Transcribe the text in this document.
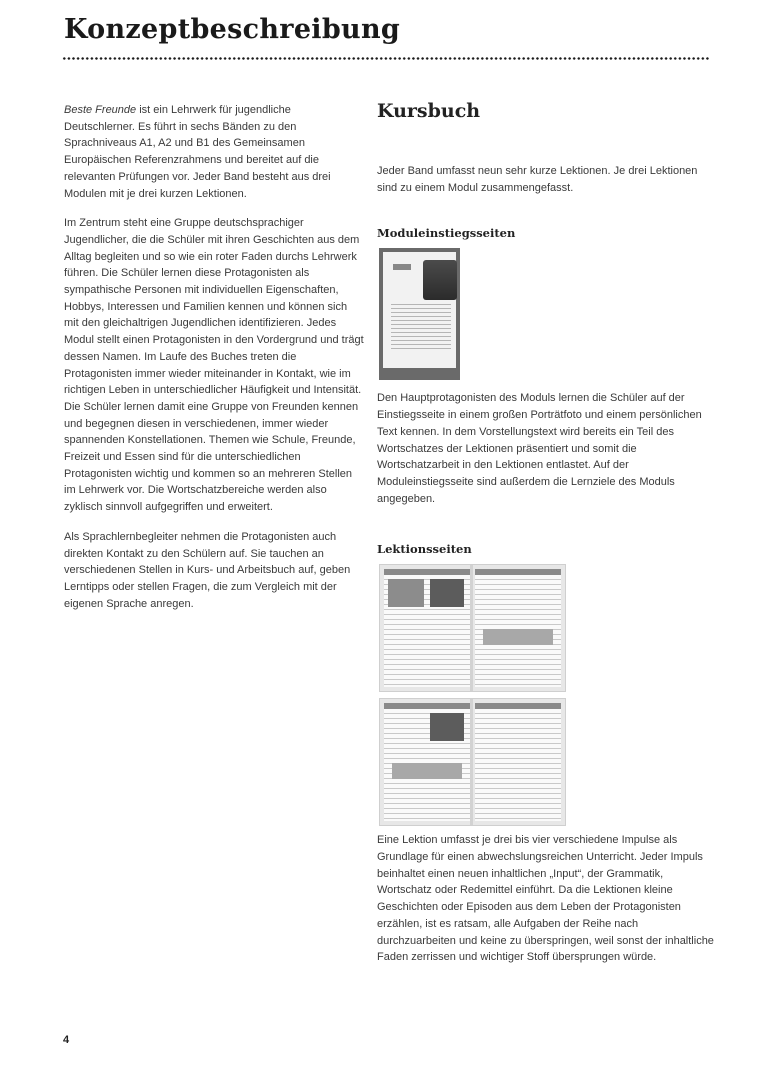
Konzeptbeschreibung

Beste Freunde ist ein Lehrwerk für jugendliche Deutschlerner. Es führt in sechs Bänden zu den Sprachniveaus A1, A2 und B1 des Gemeinsamen Europäischen Referenzrahmens und bereitet auf die relevanten Prüfungen vor. Jeder Band besteht aus drei Modulen mit je drei kurzen Lektionen.

Im Zentrum steht eine Gruppe deutschsprachiger Jugendlicher, die die Schüler mit ihren Geschichten aus dem Alltag begleiten und so wie ein roter Faden durchs Lehrwerk führen. Die Schüler lernen diese Protagonisten als sympathische Personen mit individuellen Eigenschaften, Hobbys, Interessen und Familien kennen und können sich mit den gleichaltrigen Jugendlichen identifizieren. Jedes Modul stellt einen Protagonisten in den Vordergrund und trägt dessen Namen. Im Laufe des Buches treten die Protagonisten immer wieder miteinander in Kontakt, wie im richtigen Leben in unterschiedlicher Häufigkeit und Intensität. Die Schüler lernen damit eine Gruppe von Freunden kennen und begegnen diesen in verschiedenen, immer wieder spannenden Konstellationen. Themen wie Schule, Freunde, Freizeit und Essen sind für die unterschiedlichen Protagonisten wichtig und kommen so an mehreren Stellen im Lehrwerk vor. Die Wortschatzbereiche werden also zyklisch sinnvoll aufgegriffen und erweitert.

Als Sprachlernbegleiter nehmen die Protagonisten auch direkten Kontakt zu den Schülern auf. Sie tauchen an verschiedenen Stellen in Kurs- und Arbeitsbuch auf, geben Lerntipps oder stellen Fragen, die zum Vergleich mit der eigenen Sprache anregen.

Kursbuch

Jeder Band umfasst neun sehr kurze Lektionen. Je drei Lektionen sind zu einem Modul zusammengefasst.

Moduleinstiegsseiten

Den Hauptprotagonisten des Moduls lernen die Schüler auf der Einstiegsseite in einem großen Porträtfoto und einem persönlichen Text kennen. In dem Vorstellungstext wird bereits ein Teil des Wortschatzes der Lektionen präsentiert und somit die Wortschatzarbeit in den Lektionen entlastet. Auf der Moduleinstiegsseite sind außerdem die Lernziele des Moduls angegeben.

Lektionsseiten

Eine Lektion umfasst je drei bis vier verschiedene Impulse als Grundlage für einen abwechslungsreichen Unterricht. Jeder Impuls beinhaltet einen neuen inhaltlichen „Input“, der Grammatik, Wortschatz oder Redemittel einführt. Da die Lektionen kleine Geschichten oder Episoden aus dem Leben der Protagonisten erzählen, ist es ratsam, alle Aufgaben der Reihe nach durchzuarbeiten und keine zu überspringen, weil sonst der inhaltliche Faden zerrissen und wichtiger Stoff übersprungen würde.

4
